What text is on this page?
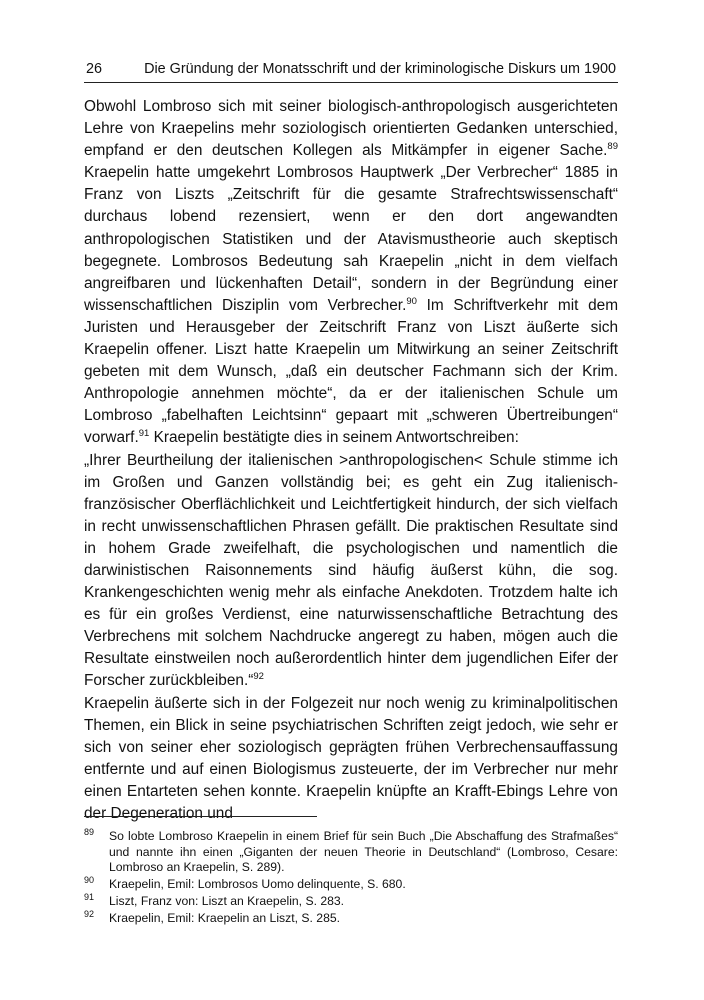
26	Die Gründung der Monatsschrift und der kriminologische Diskurs um 1900

Obwohl Lombroso sich mit seiner biologisch-anthropologisch ausgerichteten Lehre von Kraepelins mehr soziologisch orientierten Gedanken unterschied, empfand er den deutschen Kollegen als Mitkämpfer in eigener Sache.$^{89}$ Kraepelin hatte umgekehrt Lombrosos Hauptwerk „Der Verbrecher“ 1885 in Franz von Liszts „Zeitschrift für die gesamte Strafrechtswissenschaft“ durchaus lobend rezensiert, wenn er den dort angewandten anthropologischen Statistiken und der Atavismustheorie auch skeptisch begegnete. Lombrosos Bedeutung sah Kraepelin „nicht in dem vielfach angreifbaren und lückenhaften Detail“, sondern in der Begründung einer wissenschaftlichen Disziplin vom Verbrecher.$^{90}$ Im Schriftverkehr mit dem Juristen und Herausgeber der Zeitschrift Franz von Liszt äußerte sich Kraepelin offener. Liszt hatte Kraepelin um Mitwirkung an seiner Zeitschrift gebeten mit dem Wunsch, „daß ein deutscher Fachmann sich der Krim. Anthropologie annehmen möchte“, da er der italienischen Schule um Lombroso „fabelhaften Leichtsinn“ gepaart mit „schweren Übertreibungen“ vorwarf.$^{91}$ Kraepelin bestätigte dies in seinem Antwortschreiben:

„Ihrer Beurtheilung der italienischen >anthropologischen< Schule stimme ich im Großen und Ganzen vollständig bei; es geht ein Zug italienisch-französischer Oberflächlichkeit und Leichtfertigkeit hindurch, der sich vielfach in recht unwissenschaftlichen Phrasen gefällt. Die praktischen Resultate sind in hohem Grade zweifelhaft, die psychologischen und namentlich die darwinistischen Raisonnements sind häufig äußerst kühn, die sog. Krankengeschichten wenig mehr als einfache Anekdoten. Trotzdem halte ich es für ein großes Verdienst, eine naturwissenschaftliche Betrachtung des Verbrechens mit solchem Nachdrucke angeregt zu haben, mögen auch die Resultate einstweilen noch außerordentlich hinter dem jugendlichen Eifer der Forscher zurückbleiben.“$^{92}$

Kraepelin äußerte sich in der Folgezeit nur noch wenig zu kriminalpolitischen Themen, ein Blick in seine psychiatrischen Schriften zeigt jedoch, wie sehr er sich von seiner eher soziologisch geprägten frühen Verbrechensauffassung entfernte und auf einen Biologismus zusteuerte, der im Verbrecher nur mehr einen Entarteten sehen konnte. Kraepelin knüpfte an Krafft-Ebings Lehre von der Degeneration und

89 So lobte Lombroso Kraepelin in einem Brief für sein Buch „Die Abschaffung des Strafmaßes“ und nannte ihn einen „Giganten der neuen Theorie in Deutschland“ (Lombroso, Cesare: Lombroso an Kraepelin, S. 289).
90 Kraepelin, Emil: Lombrosos Uomo delinquente, S. 680.
91 Liszt, Franz von: Liszt an Kraepelin, S. 283.
92 Kraepelin, Emil: Kraepelin an Liszt, S. 285.
